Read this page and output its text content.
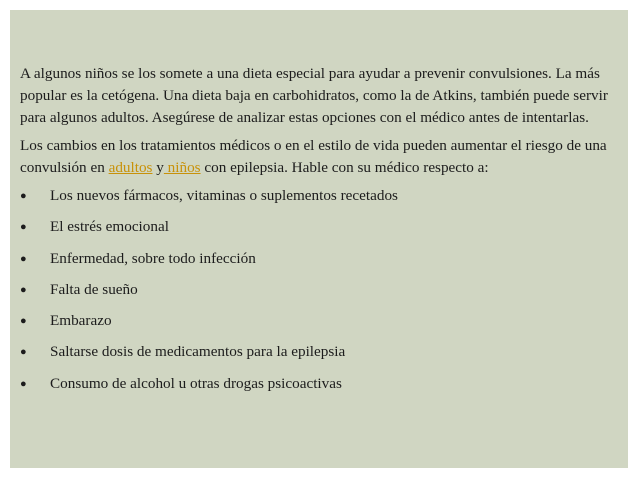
A algunos niños se los somete a una dieta especial para ayudar a prevenir convulsiones. La más popular es la cetógena. Una dieta baja en carbohidratos, como la de Atkins, también puede servir para algunos adultos. Asegúrese de analizar estas opciones con el médico antes de intentarlas.

Los cambios en los tratamientos médicos o en el estilo de vida pueden aumentar el riesgo de una convulsión en adultos y niños con epilepsia. Hable con su médico respecto a:

● Los nuevos fármacos, vitaminas o suplementos recetados
● El estrés emocional
● Enfermedad, sobre todo infección
● Falta de sueño
● Embarazo
● Saltarse dosis de medicamentos para la epilepsia
● Consumo de alcohol u otras drogas psicoactivas
